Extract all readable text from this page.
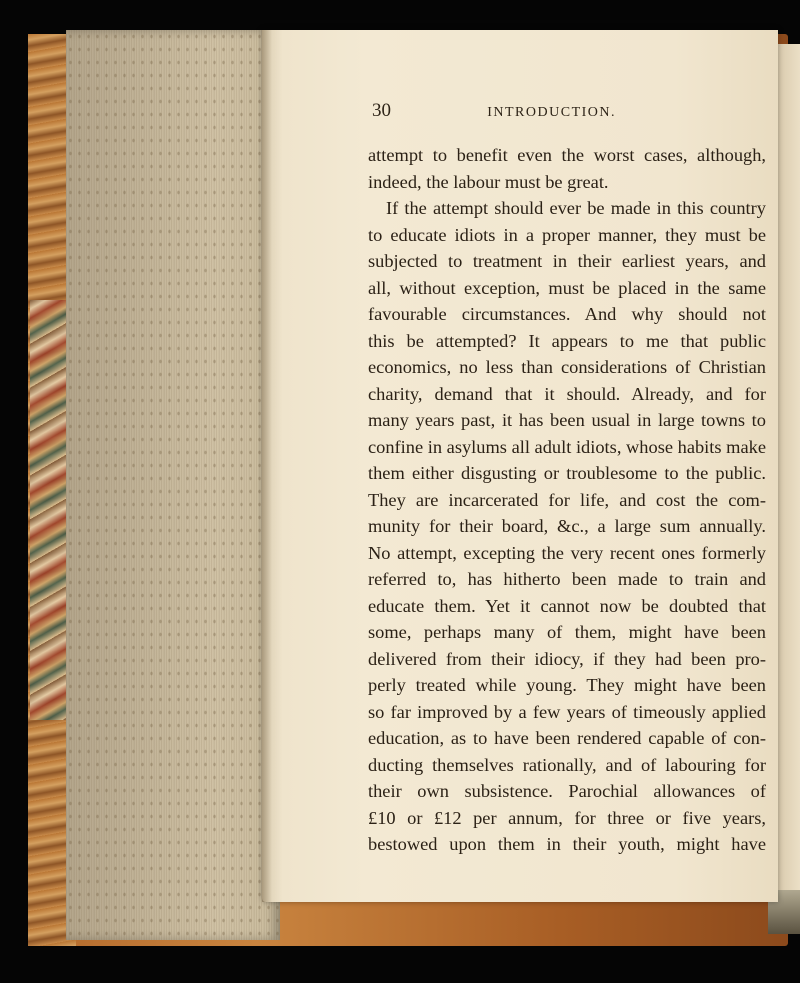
30	INTRODUCTION.
attempt to benefit even the worst cases, although,
indeed, the labour must be great.
If the attempt should ever be made in this country
to educate idiots in a proper manner, they must be
subjected to treatment in their earliest years, and
all, without exception, must be placed in the same
favourable circumstances. And why should not
this be attempted? It appears to me that public
economics, no less than considerations of Christian
charity, demand that it should. Already, and for
many years past, it has been usual in large towns to
confine in asylums all adult idiots, whose habits make
them either disgusting or troublesome to the public.
They are incarcerated for life, and cost the com-
munity for their board, &c., a large sum annually.
No attempt, excepting the very recent ones formerly
referred to, has hitherto been made to train and
educate them. Yet it cannot now be doubted that
some, perhaps many of them, might have been
delivered from their idiocy, if they had been pro-
perly treated while young. They might have been
so far improved by a few years of timeously applied
education, as to have been rendered capable of con-
ducting themselves rationally, and of labouring for
their own subsistence. Parochial allowances of
£10 or £12 per annum, for three or five years,
bestowed upon them in their youth, might have
